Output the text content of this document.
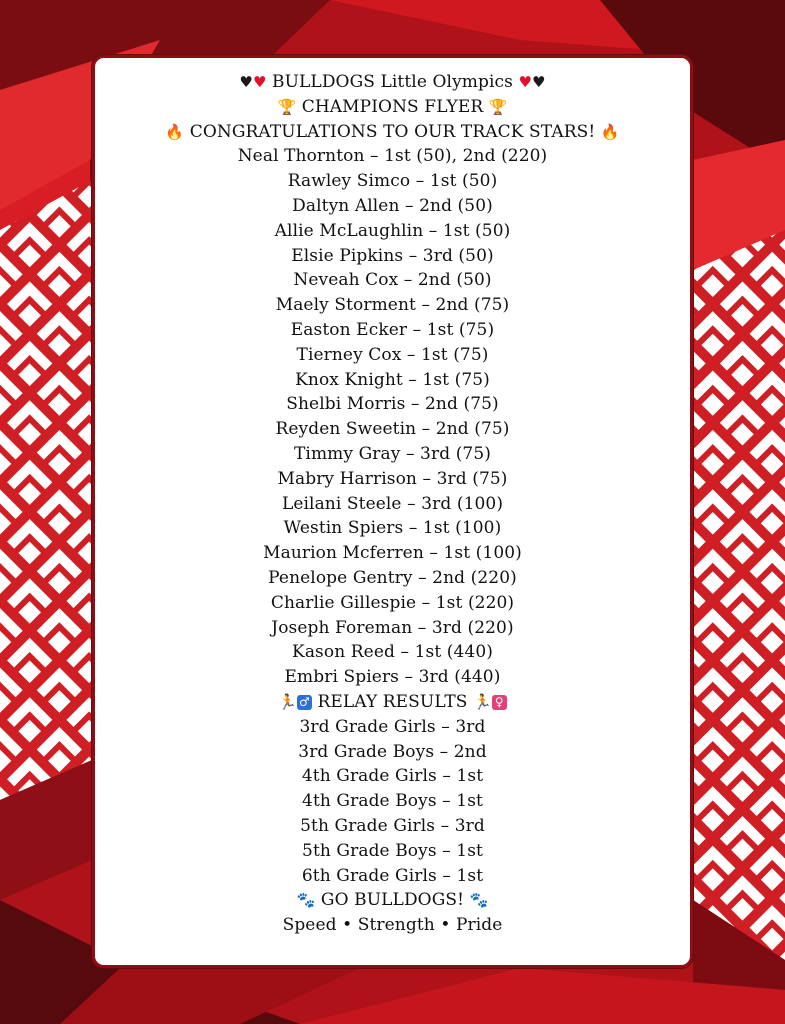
♥♥ BULLDOGS Little Olympics ♥♥
🏆 CHAMPIONS FLYER 🏆
🔥 CONGRATULATIONS TO OUR TRACK STARS! 🔥
Neal Thornton – 1st (50), 2nd (220)
Rawley Simco – 1st (50)
Daltyn Allen – 2nd (50)
Allie McLaughlin – 1st (50)
Elsie Pipkins – 3rd (50)
Neveah Cox – 2nd (50)
Maely Storment – 2nd (75)
Easton Ecker – 1st (75)
Tierney Cox – 1st (75)
Knox Knight – 1st (75)
Shelbi Morris – 2nd (75)
Reyden Sweetin – 2nd (75)
Timmy Gray – 3rd (75)
Mabry Harrison – 3rd (75)
Leilani Steele – 3rd (100)
Westin Spiers – 1st (100)
Maurion Mcferren – 1st (100)
Penelope Gentry – 2nd (220)
Charlie Gillespie – 1st (220)
Joseph Foreman – 3rd (220)
Kason Reed – 1st (440)
Embri Spiers – 3rd (440)
🏃 ♂ RELAY RESULTS 🏃 ♀
3rd Grade Girls – 3rd
3rd Grade Boys – 2nd
4th Grade Girls – 1st
4th Grade Boys – 1st
5th Grade Girls – 3rd
5th Grade Boys – 1st
6th Grade Girls – 1st
🐾 GO BULLDOGS! 🐾
Speed • Strength • Pride
